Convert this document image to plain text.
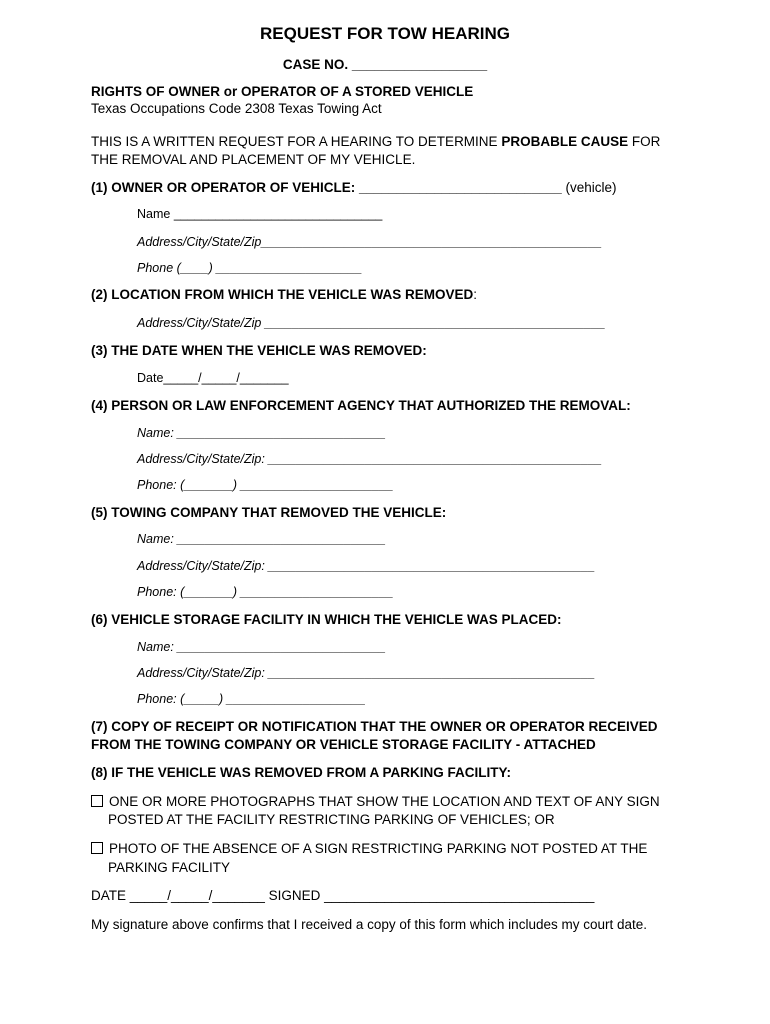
REQUEST FOR TOW HEARING
CASE NO. __________________
RIGHTS OF OWNER or OPERATOR OF A STORED VEHICLE
Texas Occupations Code 2308 Texas Towing Act
THIS IS A WRITTEN REQUEST FOR A HEARING TO DETERMINE PROBABLE CAUSE FOR
THE REMOVAL AND PLACEMENT OF MY VEHICLE.
(1) OWNER OR OPERATOR OF VEHICLE: ___________________________ (vehicle)
Name ______________________________
Address/City/State/Zip_________________________________________________
Phone (____) _____________________
(2) LOCATION FROM WHICH THE VEHICLE WAS REMOVED:
Address/City/State/Zip _________________________________________________
(3) THE DATE WHEN THE VEHICLE WAS REMOVED:
Date_____/_____/_______
(4) PERSON OR LAW ENFORCEMENT AGENCY THAT AUTHORIZED THE REMOVAL:
Name: ______________________________
Address/City/State/Zip: ________________________________________________
Phone: (_______) ______________________
(5) TOWING COMPANY THAT REMOVED THE VEHICLE:
Name: ______________________________
Address/City/State/Zip: _______________________________________________
Phone: (_______) ______________________
(6) VEHICLE STORAGE FACILITY IN WHICH THE VEHICLE WAS PLACED:
Name: ______________________________
Address/City/State/Zip: _______________________________________________
Phone: (_____) ____________________
(7) COPY OF RECEIPT OR NOTIFICATION THAT THE OWNER OR OPERATOR RECEIVED
FROM THE TOWING COMPANY OR VEHICLE STORAGE FACILITY - ATTACHED
(8) IF THE VEHICLE WAS REMOVED FROM A PARKING FACILITY:
ONE OR MORE PHOTOGRAPHS THAT SHOW THE LOCATION AND TEXT OF ANY SIGN
POSTED AT THE FACILITY RESTRICTING PARKING OF VEHICLES; OR
PHOTO OF THE ABSENCE OF A SIGN RESTRICTING PARKING NOT POSTED AT THE
PARKING FACILITY
DATE _____/_____/_______ SIGNED ____________________________________
My signature above confirms that I received a copy of this form which includes my court date.
